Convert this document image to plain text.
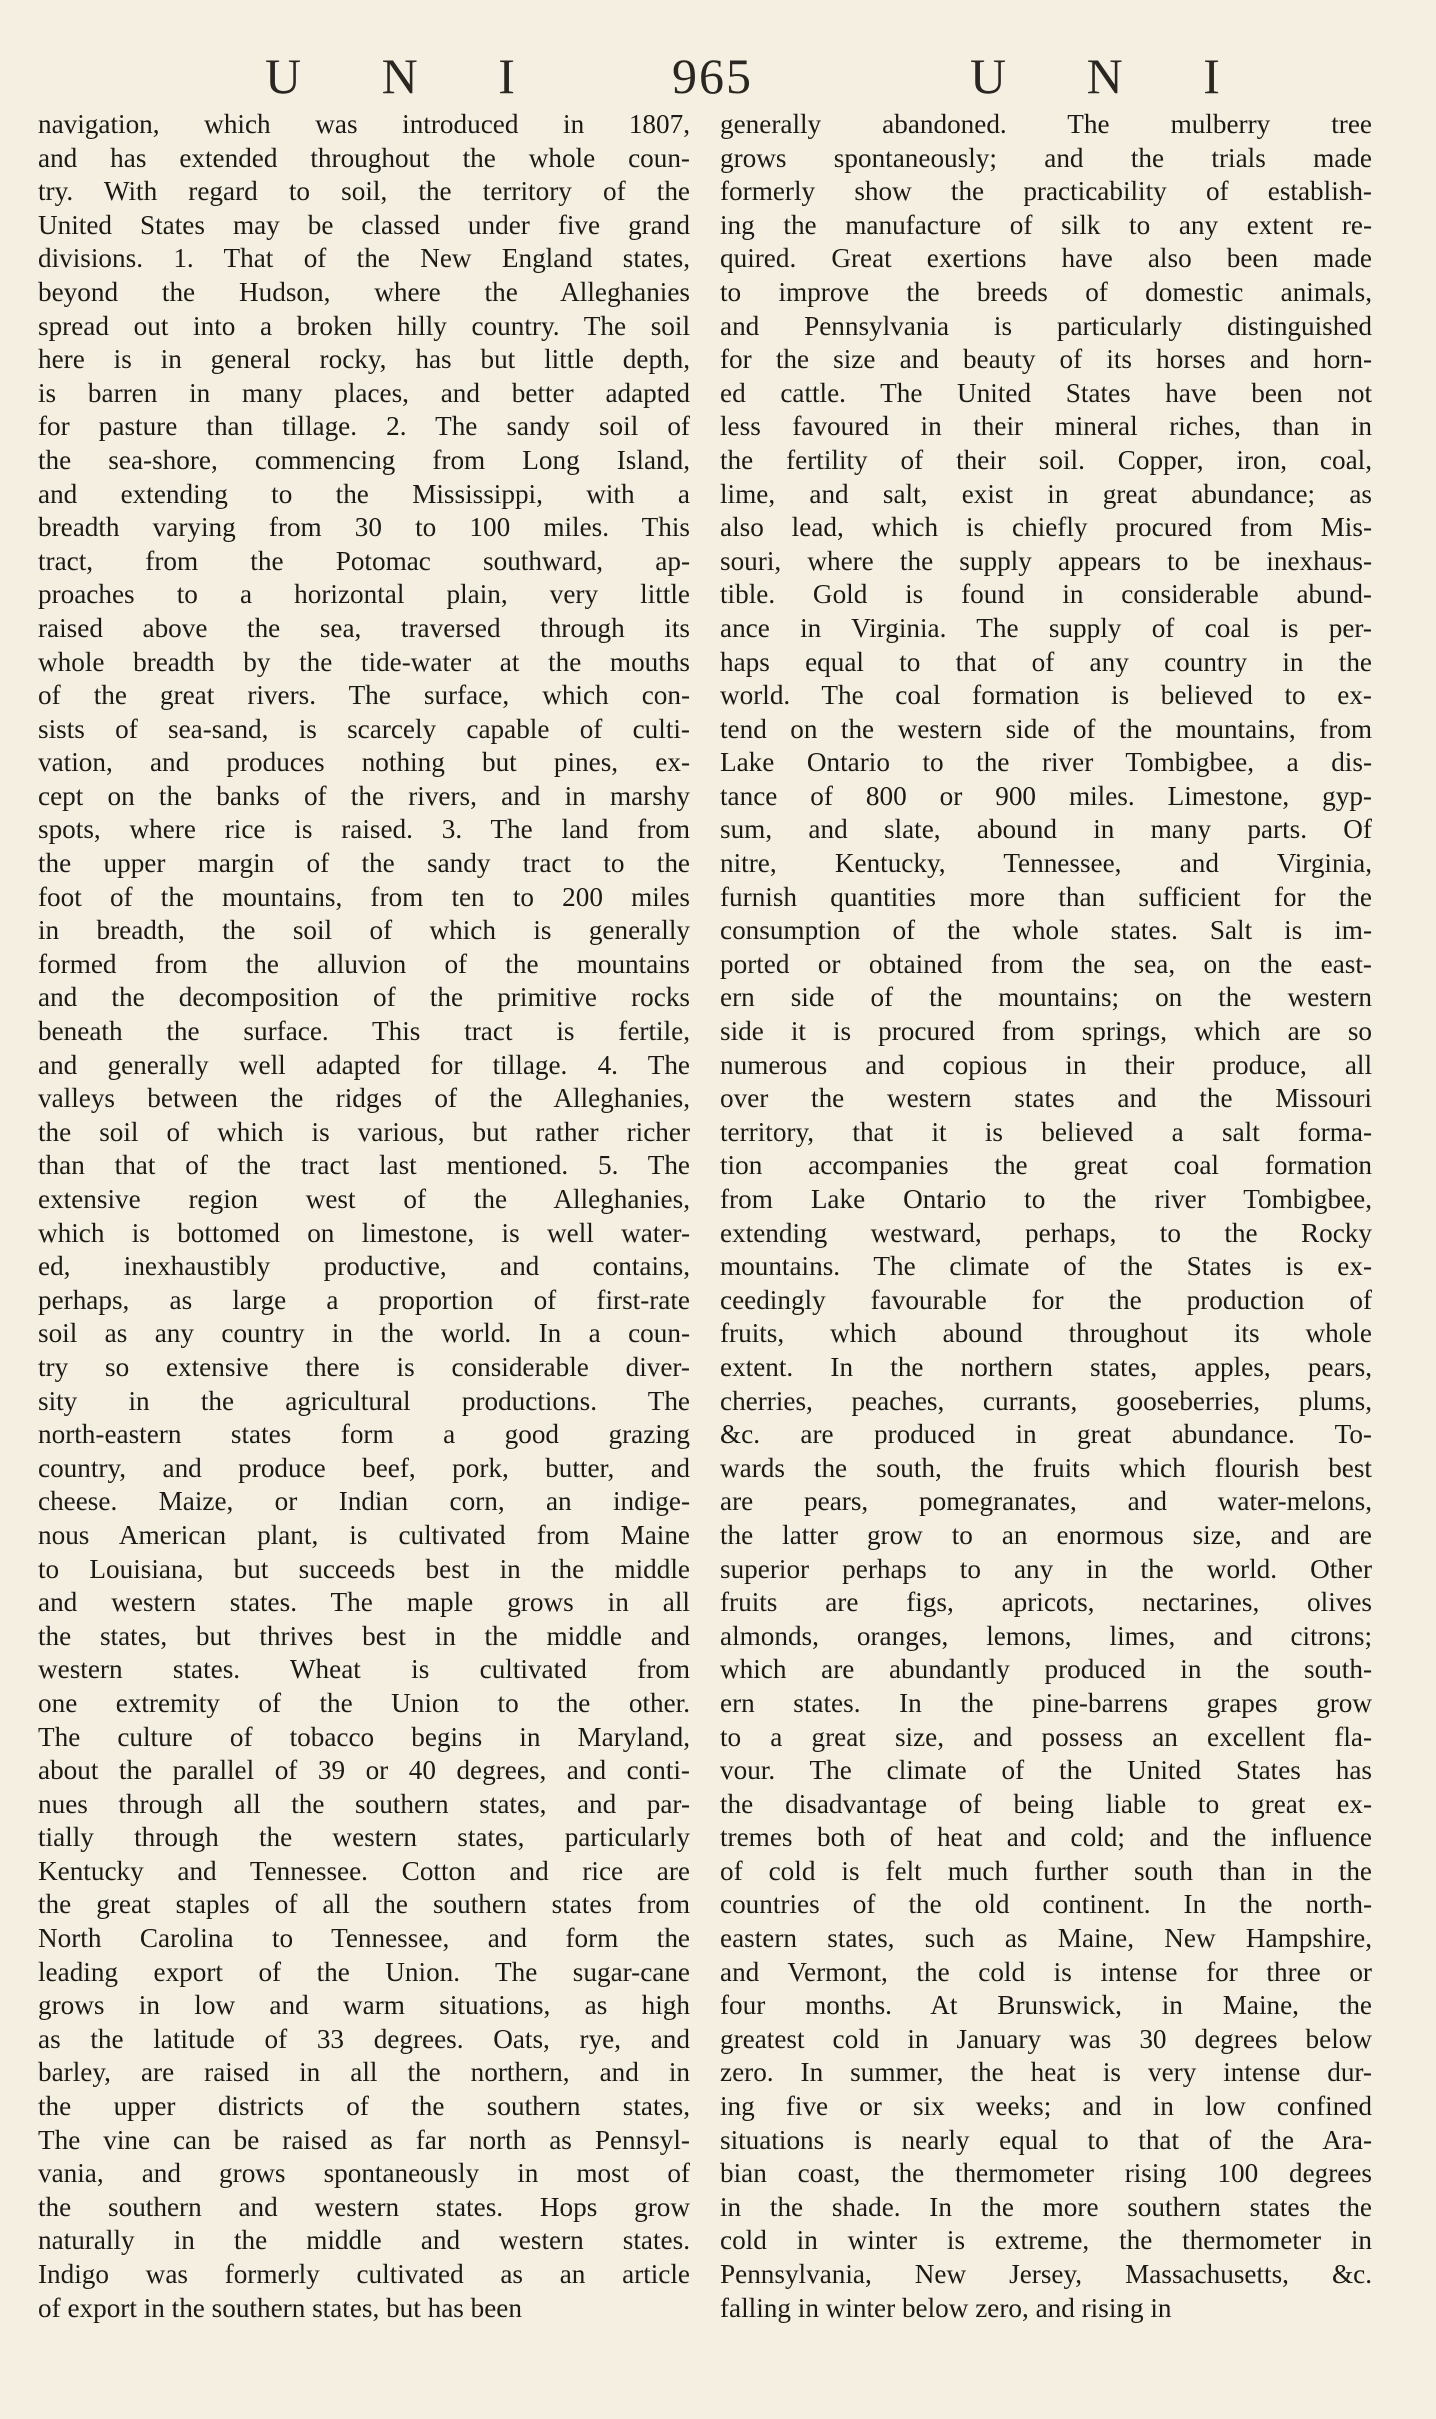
U N I 965	U N I

navigation, which was introduced in 1807,

and has extended throughout the whole coun-

try. With regard to soil, the territory of the

United States may be classed under five grand

divisions. 1. That of the New England states,

beyond the Hudson, where the Alleghanies

spread out into a broken hilly country. The soil

here is in general rocky, has but little depth,

is barren in many places, and better adapted

for pasture than tillage. 2. The sandy soil of

the sea-shore, commencing from Long Island,

and extending to the Mississippi, with a

breadth varying from 30 to 100 miles. This

tract, from the Potomac southward, ap-

proaches to a horizontal plain, very little

raised above the sea, traversed through its

whole breadth by the tide-water at the mouths

of the great rivers. The surface, which con-

sists of sea-sand, is scarcely capable of culti-

vation, and produces nothing but pines, ex-

cept on the banks of the rivers, and in marshy

spots, where rice is raised. 3. The land from

the upper margin of the sandy tract to the

foot of the mountains, from ten to 200 miles

in breadth, the soil of which is generally

formed from the alluvion of the mountains

and the decomposition of the primitive rocks

beneath the surface. This tract is fertile,

and generally well adapted for tillage. 4. The

valleys between the ridges of the Alleghanies,

the soil of which is various, but rather richer

than that of the tract last mentioned. 5. The

extensive region west of the Alleghanies,

which is bottomed on limestone, is well water-

ed, inexhaustibly productive, and contains,

perhaps, as large a proportion of first-rate

soil as any country in the world. In a coun-

try so extensive there is considerable diver-

sity in the agricultural productions. The

north-eastern states form a good grazing

country, and produce beef, pork, butter, and

cheese. Maize, or Indian corn, an indige-

nous American plant, is cultivated from Maine

to Louisiana, but succeeds best in the middle

and western states. The maple grows in all

the states, but thrives best in the middle and

western states. Wheat is cultivated from

one extremity of the Union to the other.

The culture of tobacco begins in Maryland,

about the parallel of 39 or 40 degrees, and conti-

nues through all the southern states, and par-

tially through the western states, particularly

Kentucky and Tennessee. Cotton and rice are

the great staples of all the southern states from

North Carolina to Tennessee, and form the

leading export of the Union. The sugar-cane

grows in low and warm situations, as high

as the latitude of 33 degrees. Oats, rye, and

barley, are raised in all the northern, and in

the upper districts of the southern states,

The vine can be raised as far north as Pennsyl-

vania, and grows spontaneously in most of

the southern and western states. Hops grow

naturally in the middle and western states.

Indigo was formerly cultivated as an article

of export in the southern states, but has been

generally abandoned. The mulberry tree

grows spontaneously; and the trials made

formerly show the practicability of establish-

ing the manufacture of silk to any extent re-

quired. Great exertions have also been made

to improve the breeds of domestic animals,

and Pennsylvania is particularly distinguished

for the size and beauty of its horses and horn-

ed cattle. The United States have been not

less favoured in their mineral riches, than in

the fertility of their soil. Copper, iron, coal,

lime, and salt, exist in great abundance; as

also lead, which is chiefly procured from Mis-

souri, where the supply appears to be inexhaus-

tible. Gold is found in considerable abund-

ance in Virginia. The supply of coal is per-

haps equal to that of any country in the

world. The coal formation is believed to ex-

tend on the western side of the mountains, from

Lake Ontario to the river Tombigbee, a dis-

tance of 800 or 900 miles. Limestone, gyp-

sum, and slate, abound in many parts. Of

nitre, Kentucky, Tennessee, and Virginia,

furnish quantities more than sufficient for the

consumption of the whole states. Salt is im-

ported or obtained from the sea, on the east-

ern side of the mountains; on the western

side it is procured from springs, which are so

numerous and copious in their produce, all

over the western states and the Missouri

territory, that it is believed a salt forma-

tion accompanies the great coal formation

from Lake Ontario to the river Tombigbee,

extending westward, perhaps, to the Rocky

mountains. The climate of the States is ex-

ceedingly favourable for the production of

fruits, which abound throughout its whole

extent. In the northern states, apples, pears,

cherries, peaches, currants, gooseberries, plums,

&c. are produced in great abundance. To-

wards the south, the fruits which flourish best

are pears, pomegranates, and water-melons,

the latter grow to an enormous size, and are

superior perhaps to any in the world. Other

fruits are figs, apricots, nectarines, olives

almonds, oranges, lemons, limes, and citrons;

which are abundantly produced in the south-

ern states. In the pine-barrens grapes grow

to a great size, and possess an excellent fla-

vour. The climate of the United States has

the disadvantage of being liable to great ex-

tremes both of heat and cold; and the influence

of cold is felt much further south than in the

countries of the old continent. In the north-

eastern states, such as Maine, New Hampshire,

and Vermont, the cold is intense for three or

four months. At Brunswick, in Maine, the

greatest cold in January was 30 degrees below

zero. In summer, the heat is very intense dur-

ing five or six weeks; and in low confined

situations is nearly equal to that of the Ara-

bian coast, the thermometer rising 100 degrees

in the shade. In the more southern states the

cold in winter is extreme, the thermometer in

Pennsylvania, New Jersey, Massachusetts, &c.

falling in winter below zero, and rising in
